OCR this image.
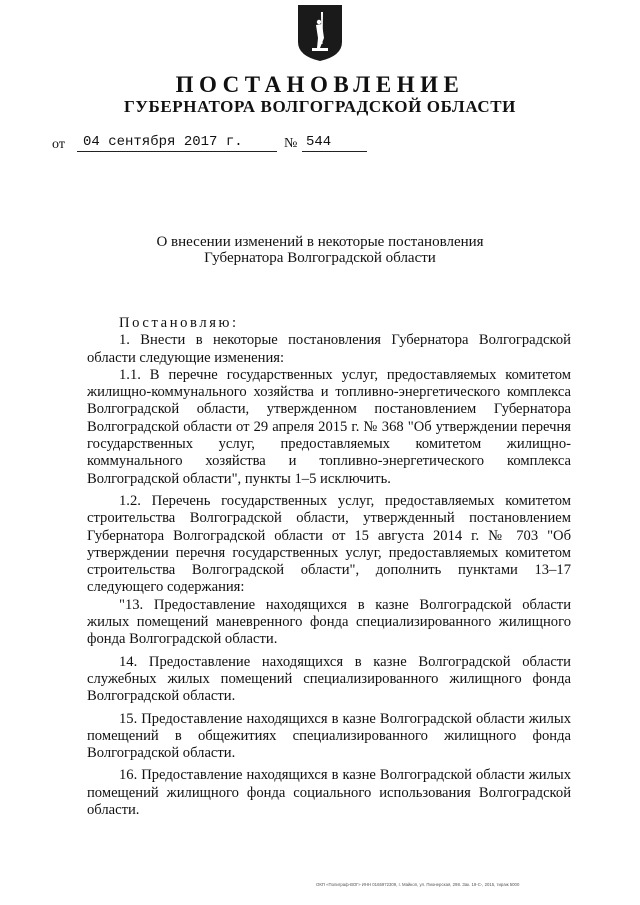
ПОСТАНОВЛЕНИЕ
ГУБЕРНАТОРА ВОЛГОГРАДСКОЙ ОБЛАСТИ
от 04 сентября 2017 г.	№ 544
О внесении изменений в некоторые постановления
Губернатора Волгоградской области

Постановляю:

1. Внести в некоторые постановления Губернатора Волгоградской области следующие изменения:

1.1. В перечне государственных услуг, предоставляемых комитетом жилищно-коммунального хозяйства и топливно-энергетического комплекса Волгоградской области, утвержденном постановлением Губернатора Волгоградской области от 29 апреля 2015 г. № 368 "Об утверждении перечня государственных услуг, предоставляемых комитетом жилищно-коммунального хозяйства и топливно-энергетического комплекса Волгоградской области", пункты 1–5 исключить.

1.2. Перечень государственных услуг, предоставляемых комитетом строительства Волгоградской области, утвержденный постановлением Губернатора Волгоградской области от 15 августа 2014 г. № 703 "Об утверждении перечня государственных услуг, предоставляемых комитетом строительства Волгоградской области", дополнить пунктами 13–17 следующего содержания:

"13. Предоставление находящихся в казне Волгоградской области жилых помещений маневренного фонда специализированного жилищного фонда Волгоградской области.

14. Предоставление находящихся в казне Волгоградской области служебных жилых помещений специализированного жилищного фонда Волгоградской области.

15. Предоставление находящихся в казне Волгоградской области жилых помещений в общежитиях специализированного жилищного фонда Волгоградской области.

16. Предоставление находящихся в казне Волгоградской области жилых помещений жилищного фонда социального использования Волгоградской области.

ОКП «Полиграф-ВОГ» ИНН 0165972309, г. Майкоп, ул. Пионерская, 298. Зак. 19-С-, 2015, тираж 5000
